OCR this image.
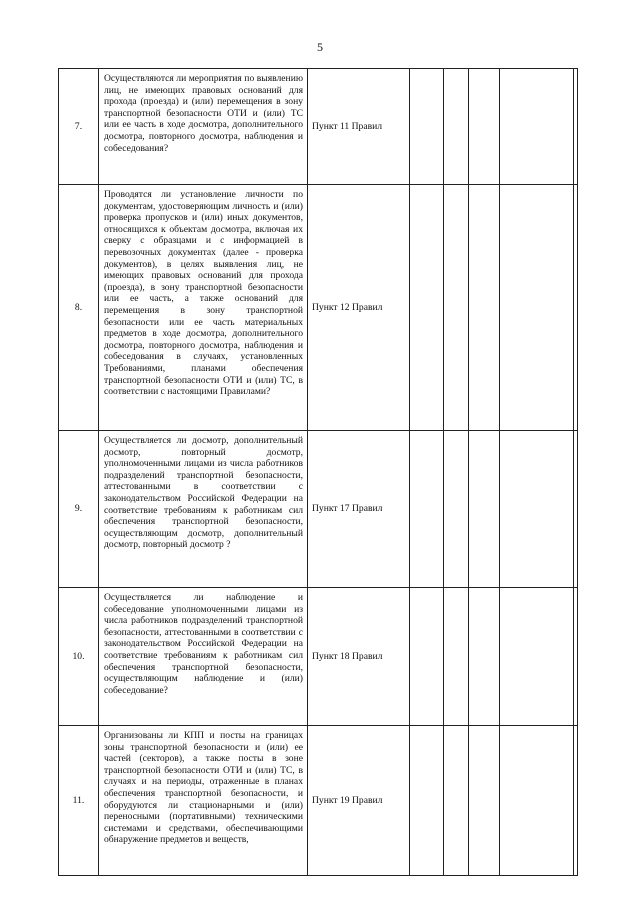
5
7.	Осуществляются ли мероприятия по выявлению лиц, не имеющих правовых оснований для прохода (проезда) и (или) перемещения в зону транспортной безопасности ОТИ и (или) ТС или ее часть в ходе досмотра, дополнительного досмотра, повторного досмотра, наблюдения и собеседования?	Пункт 11 Правил					
8.	Проводятся ли установление личности по документам, удостоверяющим личность и (или) проверка пропусков и (или) иных документов, относящихся к объектам досмотра, включая их сверку с образцами и с информацией в перевозочных документах (далее - проверка документов), в целях выявления лиц, не имеющих правовых оснований для прохода (проезда), в зону транспортной безопасности или ее часть, а также оснований для перемещения в зону транспортной безопасности или ее часть материальных предметов в ходе досмотра, дополнительного досмотра, повторного досмотра, наблюдения и собеседования в случаях, установленных Требованиями, планами обеспечения транспортной безопасности ОТИ и (или) ТС, в соответствии с настоящими Правилами?	Пункт 12 Правил					
9.	Осуществляется ли досмотр, дополнительный досмотр, повторный досмотр, уполномоченными лицами из числа работников подразделений транспортной безопасности, аттестованными в соответствии с законодательством Российской Федерации на соответствие требованиям к работникам сил обеспечения транспортной безопасности, осуществляющим досмотр, дополнительный досмотр, повторный досмотр ?	Пункт 17 Правил					
10.	Осуществляется ли наблюдение и собеседование уполномоченными лицами из числа работников подразделений транспортной безопасности, аттестованными в соответствии с законодательством Российской Федерации на соответствие требованиям к работникам сил обеспечения транспортной безопасности, осуществляющим наблюдение и (или) собеседование?	Пункт 18 Правил					
11.	Организованы ли КПП и посты на границах зоны транспортной безопасности и (или) ее частей (секторов), а также посты в зоне транспортной безопасности ОТИ и (или) ТС, в случаях и на периоды, отраженные в планах обеспечения транспортной безопасности, и оборудуются ли стационарными и (или) переносными (портативными) техническими системами и средствами, обеспечивающими обнаружение предметов и веществ,	Пункт 19 Правил					
